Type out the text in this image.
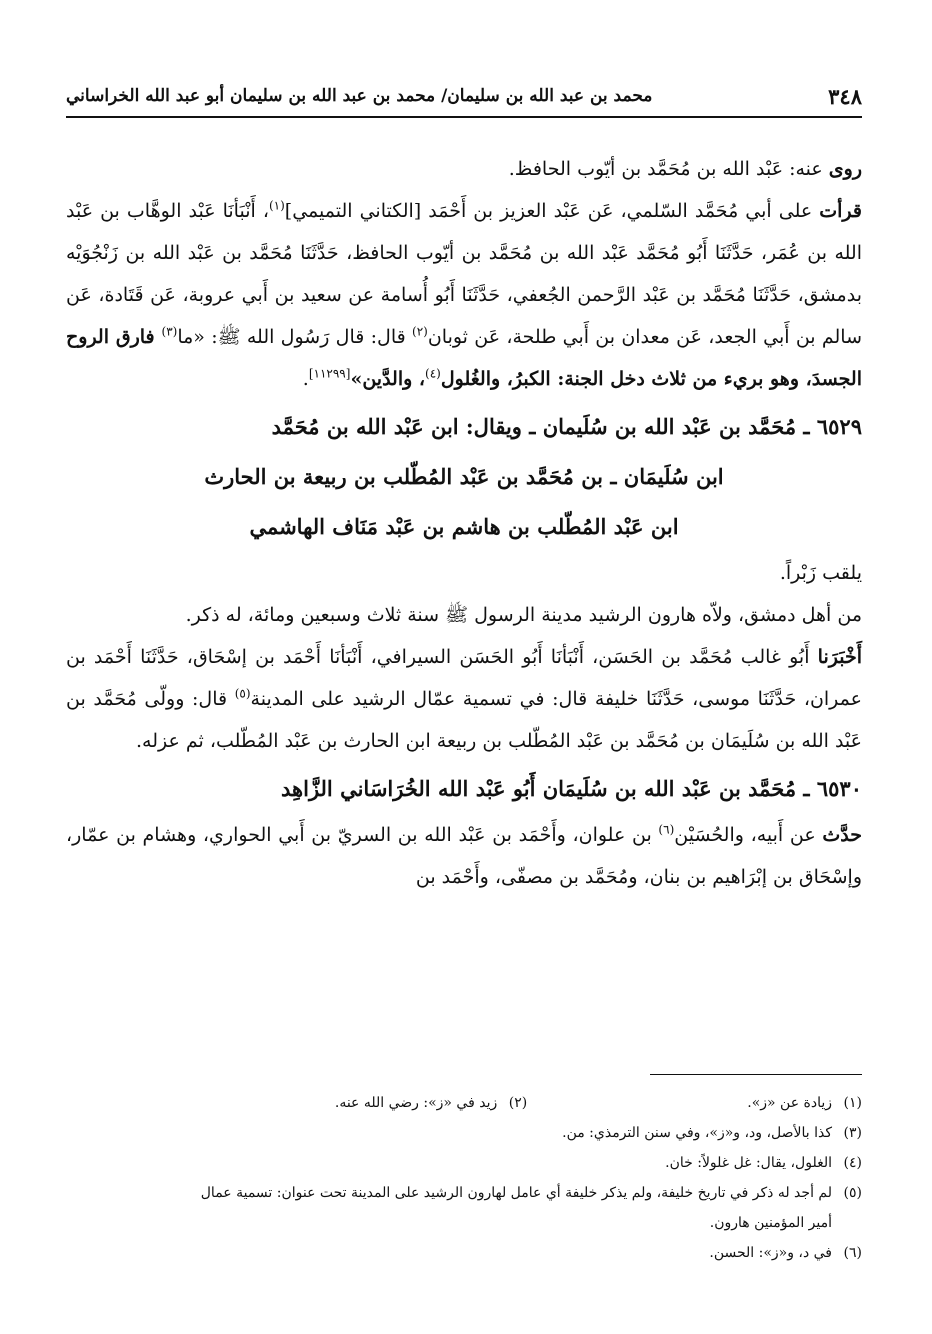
٣٤٨
محمد بن عبد الله بن سليمان/ محمد بن عبد الله بن سليمان أبو عبد الله الخراساني

روى عنه: عَبْد الله بن مُحَمَّد بن أيّوب الحافظ.

قرأت على أبي مُحَمَّد السّلمي، عَن عَبْد العزيز بن أَحْمَد [الكتاني التميمي]$^{(١)}$، أَنْبَأنَا عَبْد الوهَّاب بن عَبْد الله بن عُمَر، حَدَّثَنَا أَبُو مُحَمَّد عَبْد الله بن مُحَمَّد بن أيّوب الحافظ، حَدَّثَنَا مُحَمَّد بن عَبْد الله بن زَنْجُوَيْه بدمشق، حَدَّثَنَا مُحَمَّد بن عَبْد الرَّحمن الجُعفي، حَدَّثَنَا أَبُو أُسامة عن سعيد بن أَبي عروبة، عَن قَتَادة، عَن سالم بن أَبي الجعد، عَن معدان بن أَبي طلحة، عَن ثوبان$^{(٢)}$ قال: قال رَسُول الله ﷺ: «ما$^{(٣)}$ فارق الروح الجسدَ، وهو بريء من ثلاث دخل الجنة: الكبرُ، والغُلول$^{(٤)}$، والدَّين»[١١٢٩٩].

٦٥٢٩ ـ مُحَمَّد بن عَبْد الله بن سُلَيمان ـ ويقال: ابن عَبْد الله بن مُحَمَّد
ابن سُلَيمَان ـ بن مُحَمَّد بن عَبْد المُطّلب بن ربيعة بن الحارث
ابن عَبْد المُطّلب بن هاشم بن عَبْد مَنَاف الهاشمي

يلقب زَبْراً.

من أهل دمشق، ولاّه هارون الرشيد مدينة الرسول ﷺ سنة ثلاث وسبعين ومائة، له ذكر.

أَخْبَرَنا أَبُو غالب مُحَمَّد بن الحَسَن، أَنْبَأنَا أَبُو الحَسَن السيرافي، أَنْبَأنَا أَحْمَد بن إسْحَاق، حَدَّثَنَا أَحْمَد بن عمران، حَدَّثَنَا موسى، حَدَّثَنَا خليفة قال: في تسمية عمّال الرشيد على المدينة$^{(٥)}$ قال: وولّى مُحَمَّد بن عَبْد الله بن سُلَيمَان بن مُحَمَّد بن عَبْد المُطّلب بن ربيعة ابن الحارث بن عَبْد المُطّلب، ثم عزله.

٦٥٣٠ ـ مُحَمَّد بن عَبْد الله بن سُلَيمَان أَبُو عَبْد الله الخُرَاسَاني الزَّاهِد

حدَّث عن أَبيه، والحُسَيْن$^{(٦)}$ بن علوان، وأَحْمَد بن عَبْد الله بن السريّ بن أَبي الحواري، وهشام بن عمّار، وإسْحَاق بن إبْرَاهيم بن بنان، ومُحَمَّد بن مصفّى، وأَحْمَد بن

(١)زيادة عن «ز».

(٢)زيد في «ز»: رضي الله عنه.

(٣)كذا بالأصل، ود، و«ز»، وفي سنن الترمذي: من.

(٤)الغلول، يقال: غل غلولاً: خان.

(٥)لم أجد له ذكر في تاريخ خليفة، ولم يذكر خليفة أي عامل لهارون الرشيد على المدينة تحت عنوان: تسمية عمال

أمير المؤمنين هارون.

(٦)في د، و«ز»: الحسن.
